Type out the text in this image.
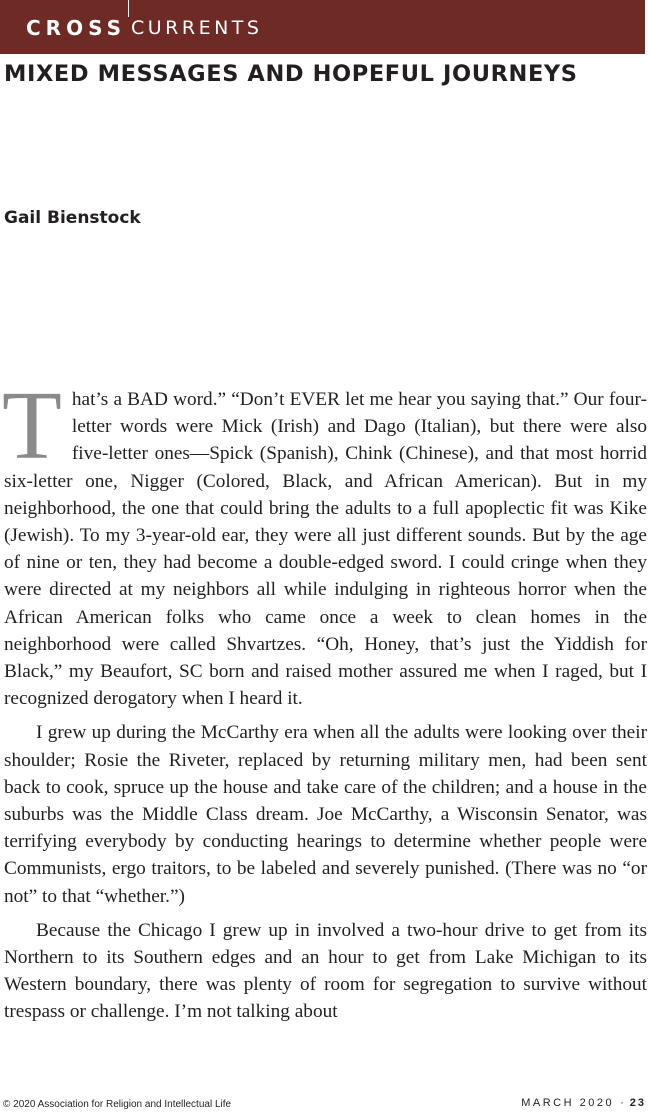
CROSS CURRENTS
MIXED MESSAGES AND HOPEFUL JOURNEYS
Gail Bienstock

That’s a BAD word.” “Don’t EVER let me hear you saying that.” Our four-letter words were Mick (Irish) and Dago (Italian), but there were also five-letter ones—Spick (Spanish), Chink (Chinese), and that most horrid six-letter one, Nigger (Colored, Black, and African American). But in my neighborhood, the one that could bring the adults to a full apoplectic fit was Kike (Jewish). To my 3-year-old ear, they were all just different sounds. But by the age of nine or ten, they had become a double-edged sword. I could cringe when they were directed at my neighbors all while indulging in righteous horror when the African American folks who came once a week to clean homes in the neighborhood were called Shvartzes. “Oh, Honey, that’s just the Yiddish for Black,” my Beaufort, SC born and raised mother assured me when I raged, but I recognized derogatory when I heard it.

I grew up during the McCarthy era when all the adults were looking over their shoulder; Rosie the Riveter, replaced by returning military men, had been sent back to cook, spruce up the house and take care of the children; and a house in the suburbs was the Middle Class dream. Joe McCarthy, a Wisconsin Senator, was terrifying everybody by conducting hearings to determine whether people were Communists, ergo traitors, to be labeled and severely punished. (There was no “or not” to that “whether.”)

Because the Chicago I grew up in involved a two-hour drive to get from its Northern to its Southern edges and an hour to get from Lake Michigan to its Western boundary, there was plenty of room for segregation to survive without trespass or challenge. I’m not talking about

© 2020 Association for Religion and Intellectual Life	MARCH 2020 · 23
